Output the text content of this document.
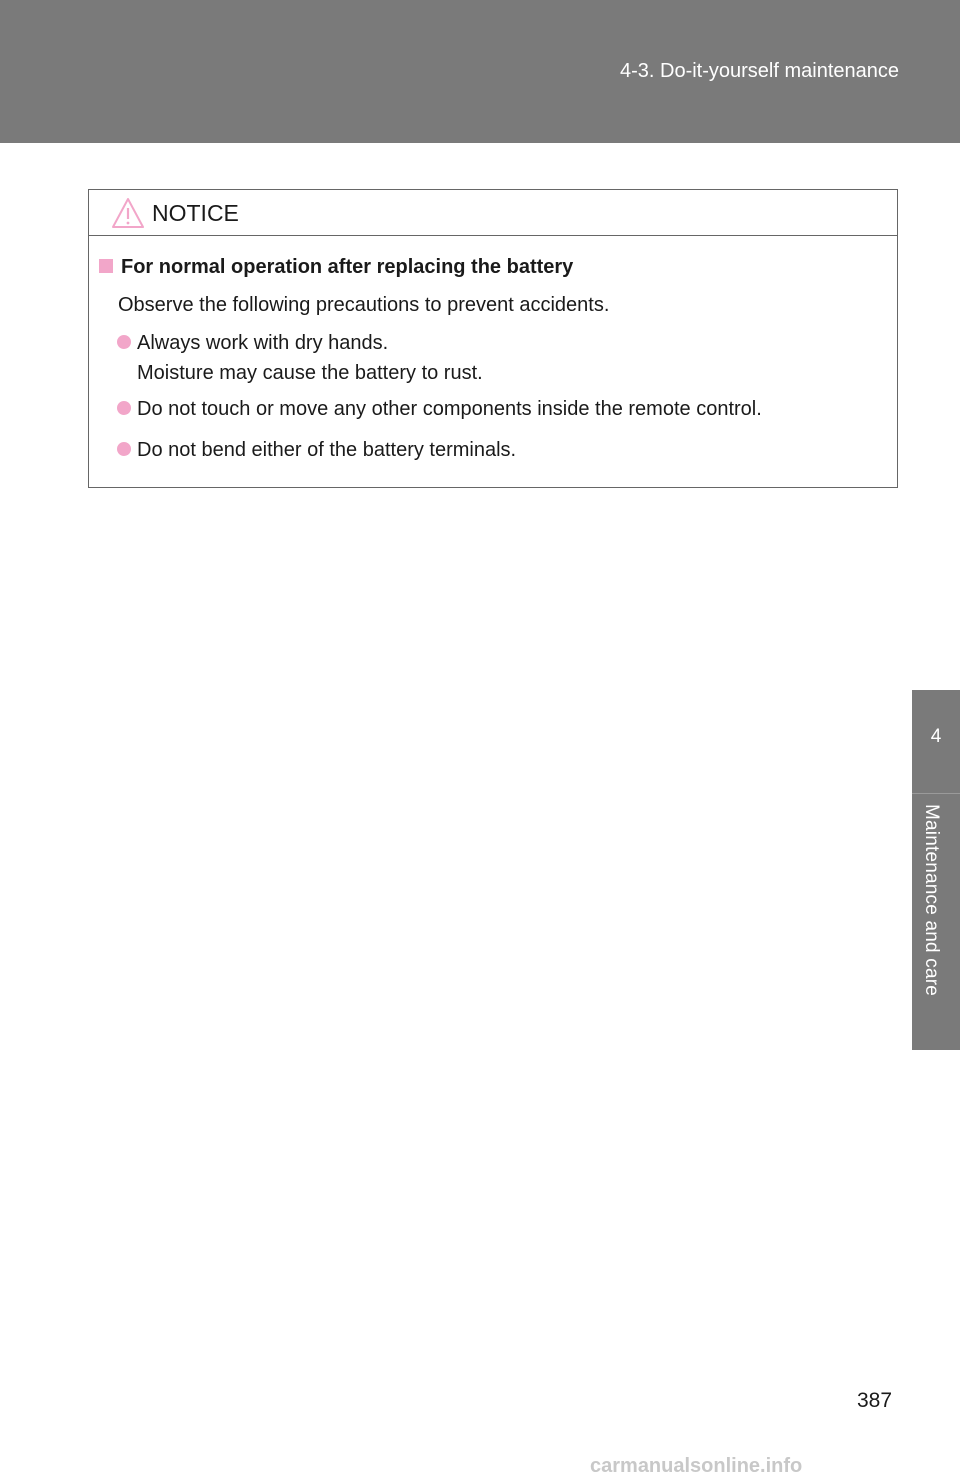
4-3. Do-it-yourself maintenance
4
Maintenance and care
NOTICE
For normal operation after replacing the battery
Observe the following precautions to prevent accidents.
Always work with dry hands.
Moisture may cause the battery to rust.
Do not touch or move any other components inside the remote control.
Do not bend either of the battery terminals.
387
carmanualsonline.info
